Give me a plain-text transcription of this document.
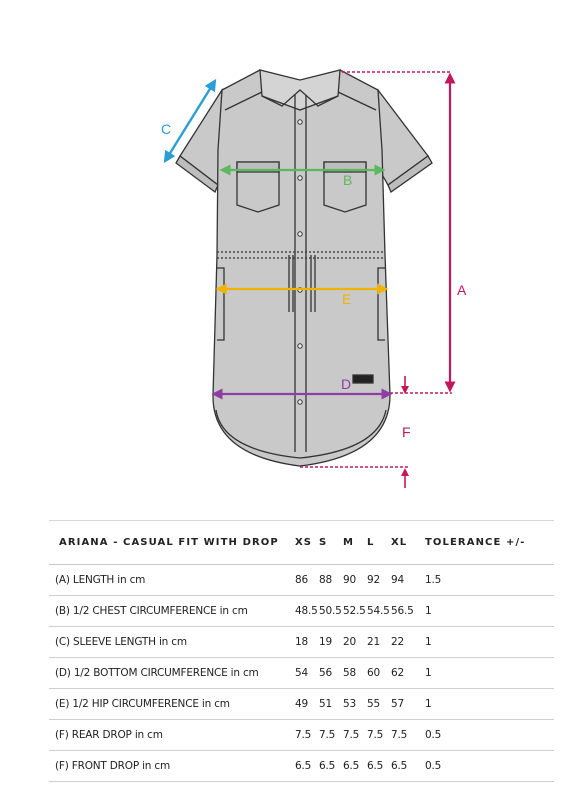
A
B
C
E
D
F
ARIANA - CASUAL FIT WITH DROP	XS	S	M	L	XL	TOLERANCE +/-
(A) LENGTH in cm	86	88	90	92	94	1.5
(B) 1/2 CHEST CIRCUMFERENCE in cm	48.5	50.5	52.5	54.5	56.5	1
(C) SLEEVE LENGTH in cm	18	19	20	21	22	1
(D) 1/2 BOTTOM CIRCUMFERENCE in cm	54	56	58	60	62	1
(E) 1/2 HIP CIRCUMFERENCE in cm	49	51	53	55	57	1
(F) REAR DROP in cm	7.5	7.5	7.5	7.5	7.5	0.5
(F) FRONT DROP in cm	6.5	6.5	6.5	6.5	6.5	0.5
